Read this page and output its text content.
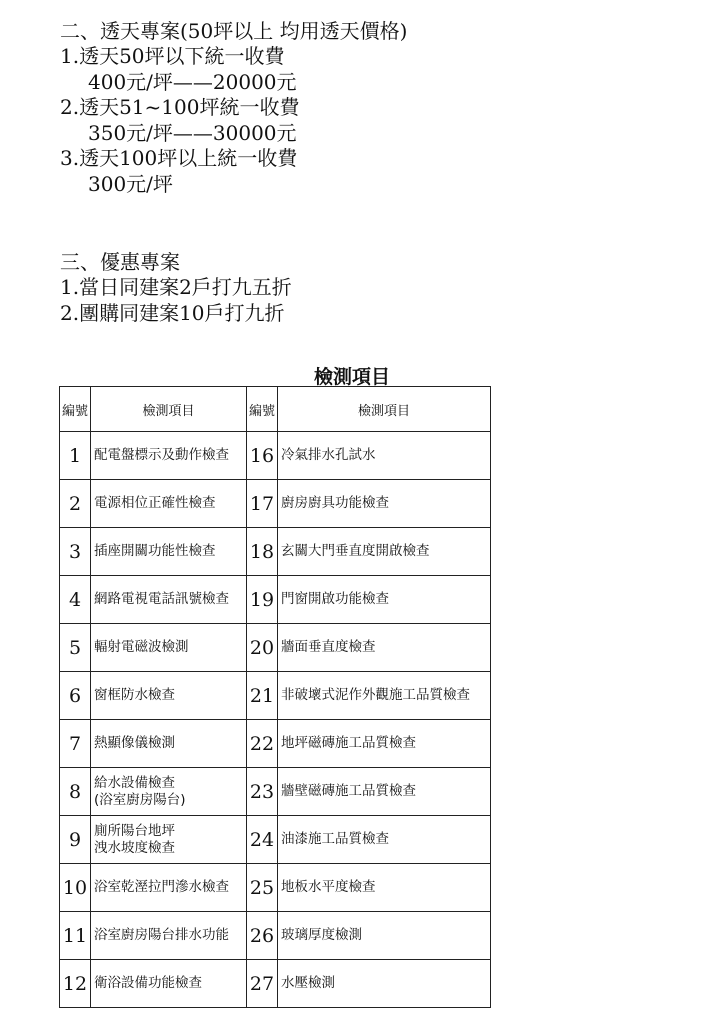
二、透天專案(50坪以上 均用透天價格)
1.透天50坪以下統一收費
400元/坪——20000元
2.透天51~100坪統一收費
350元/坪——30000元
3.透天100坪以上統一收費
300元/坪
三、優惠專案
1.當日同建案2戶打九五折
2.團購同建案10戶打九折
檢測項目
編號	檢測項目	編號	檢測項目
1	配電盤標示及動作檢查	16	冷氣排水孔試水
2	電源相位正確性檢查	17	廚房廚具功能檢查
3	插座開關功能性檢查	18	玄關大門垂直度開啟檢查
4	網路電視電話訊號檢查	19	門窗開啟功能檢查
5	輻射電磁波檢測	20	牆面垂直度檢查
6	窗框防水檢查	21	非破壞式泥作外觀施工品質檢查
7	熱顯像儀檢測	22	地坪磁磚施工品質檢查
8	給水設備檢查
(浴室廚房陽台)	23	牆壁磁磚施工品質檢查
9	廁所陽台地坪
洩水坡度檢查	24	油漆施工品質檢查
10	浴室乾溼拉門滲水檢查	25	地板水平度檢查
11	浴室廚房陽台排水功能	26	玻璃厚度檢測
12	衛浴設備功能檢查	27	水壓檢測
